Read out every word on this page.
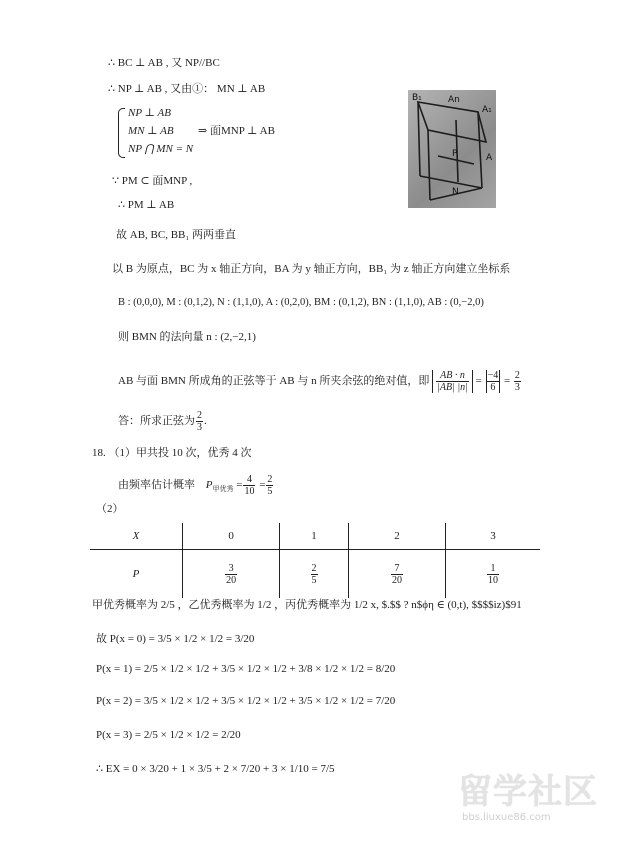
∴ BC ⊥ AB , 又 NP//BC
∴ NP ⊥ AB , 又由①： MN ⊥ AB
NP ⊥ AB
MN ⊥ AB
NP ⋂ MN = N
⇒ 面MNP ⊥ AB
∵ PM ⊂ 面MNP ,
∴ PM ⊥ AB
故 AB, BC, BB₁ 两两垂直
以 B 为原点，BC 为 x 轴正方向，BA 为 y 轴正方向，BB₁ 为 z 轴正方向建立坐标系
B : (0,0,0), M : (0,1,2), N : (1,1,0), A : (0,2,0), BM : (0,1,2), BN : (1,1,0), AB : (0,−2,0)
则 BMN 的法向量 n : (2,−2,1)
AB 与面 BMN 所成角的正弦等于 AB 与 n 所夹余弦的绝对值，即 $\frac{AB \cdot n}{|AB| |n|} = \frac{-4}{6} = \frac{2}{3}$
答：所求正弦为 $\frac{2}{3}$ .
B₁	An
A₁
P
N
A
18. （1）甲共投 10 次，优秀 4 次
由频率估计概率 $P_{甲优秀} = \frac{4}{10} = \frac{2}{5}$
（2）
X	0	1	2	3
P	$\frac{3}{20}$	$\frac{2}{5}$	$\frac{7}{20}$	$\frac{1}{10}$
甲优秀概率为 2/5 ，乙优秀概率为 1/2 ，丙优秀概率为 1/2 x, $.$$ ? n$ϕη ∈ (0,t), $$$$iz)$91
故 P(x = 0) = 3/5 × 1/2 × 1/2 = 3/20
P(x = 1) = 2/5 × 1/2 × 1/2 + 3/5 × 1/2 × 1/2 + 3/8 × 1/2 × 1/2 = 8/20
P(x = 2) = 3/5 × 1/2 × 1/2 + 3/5 × 1/2 × 1/2 + 3/5 × 1/2 × 1/2 = 7/20
P(x = 3) = 2/5 × 1/2 × 1/2 = 2/20
∴ EX = 0 × 3/20 + 1 × 3/5 + 2 × 7/20 + 3 × 1/10 = 7/5
留学社区
bbs.liuxue86.com
